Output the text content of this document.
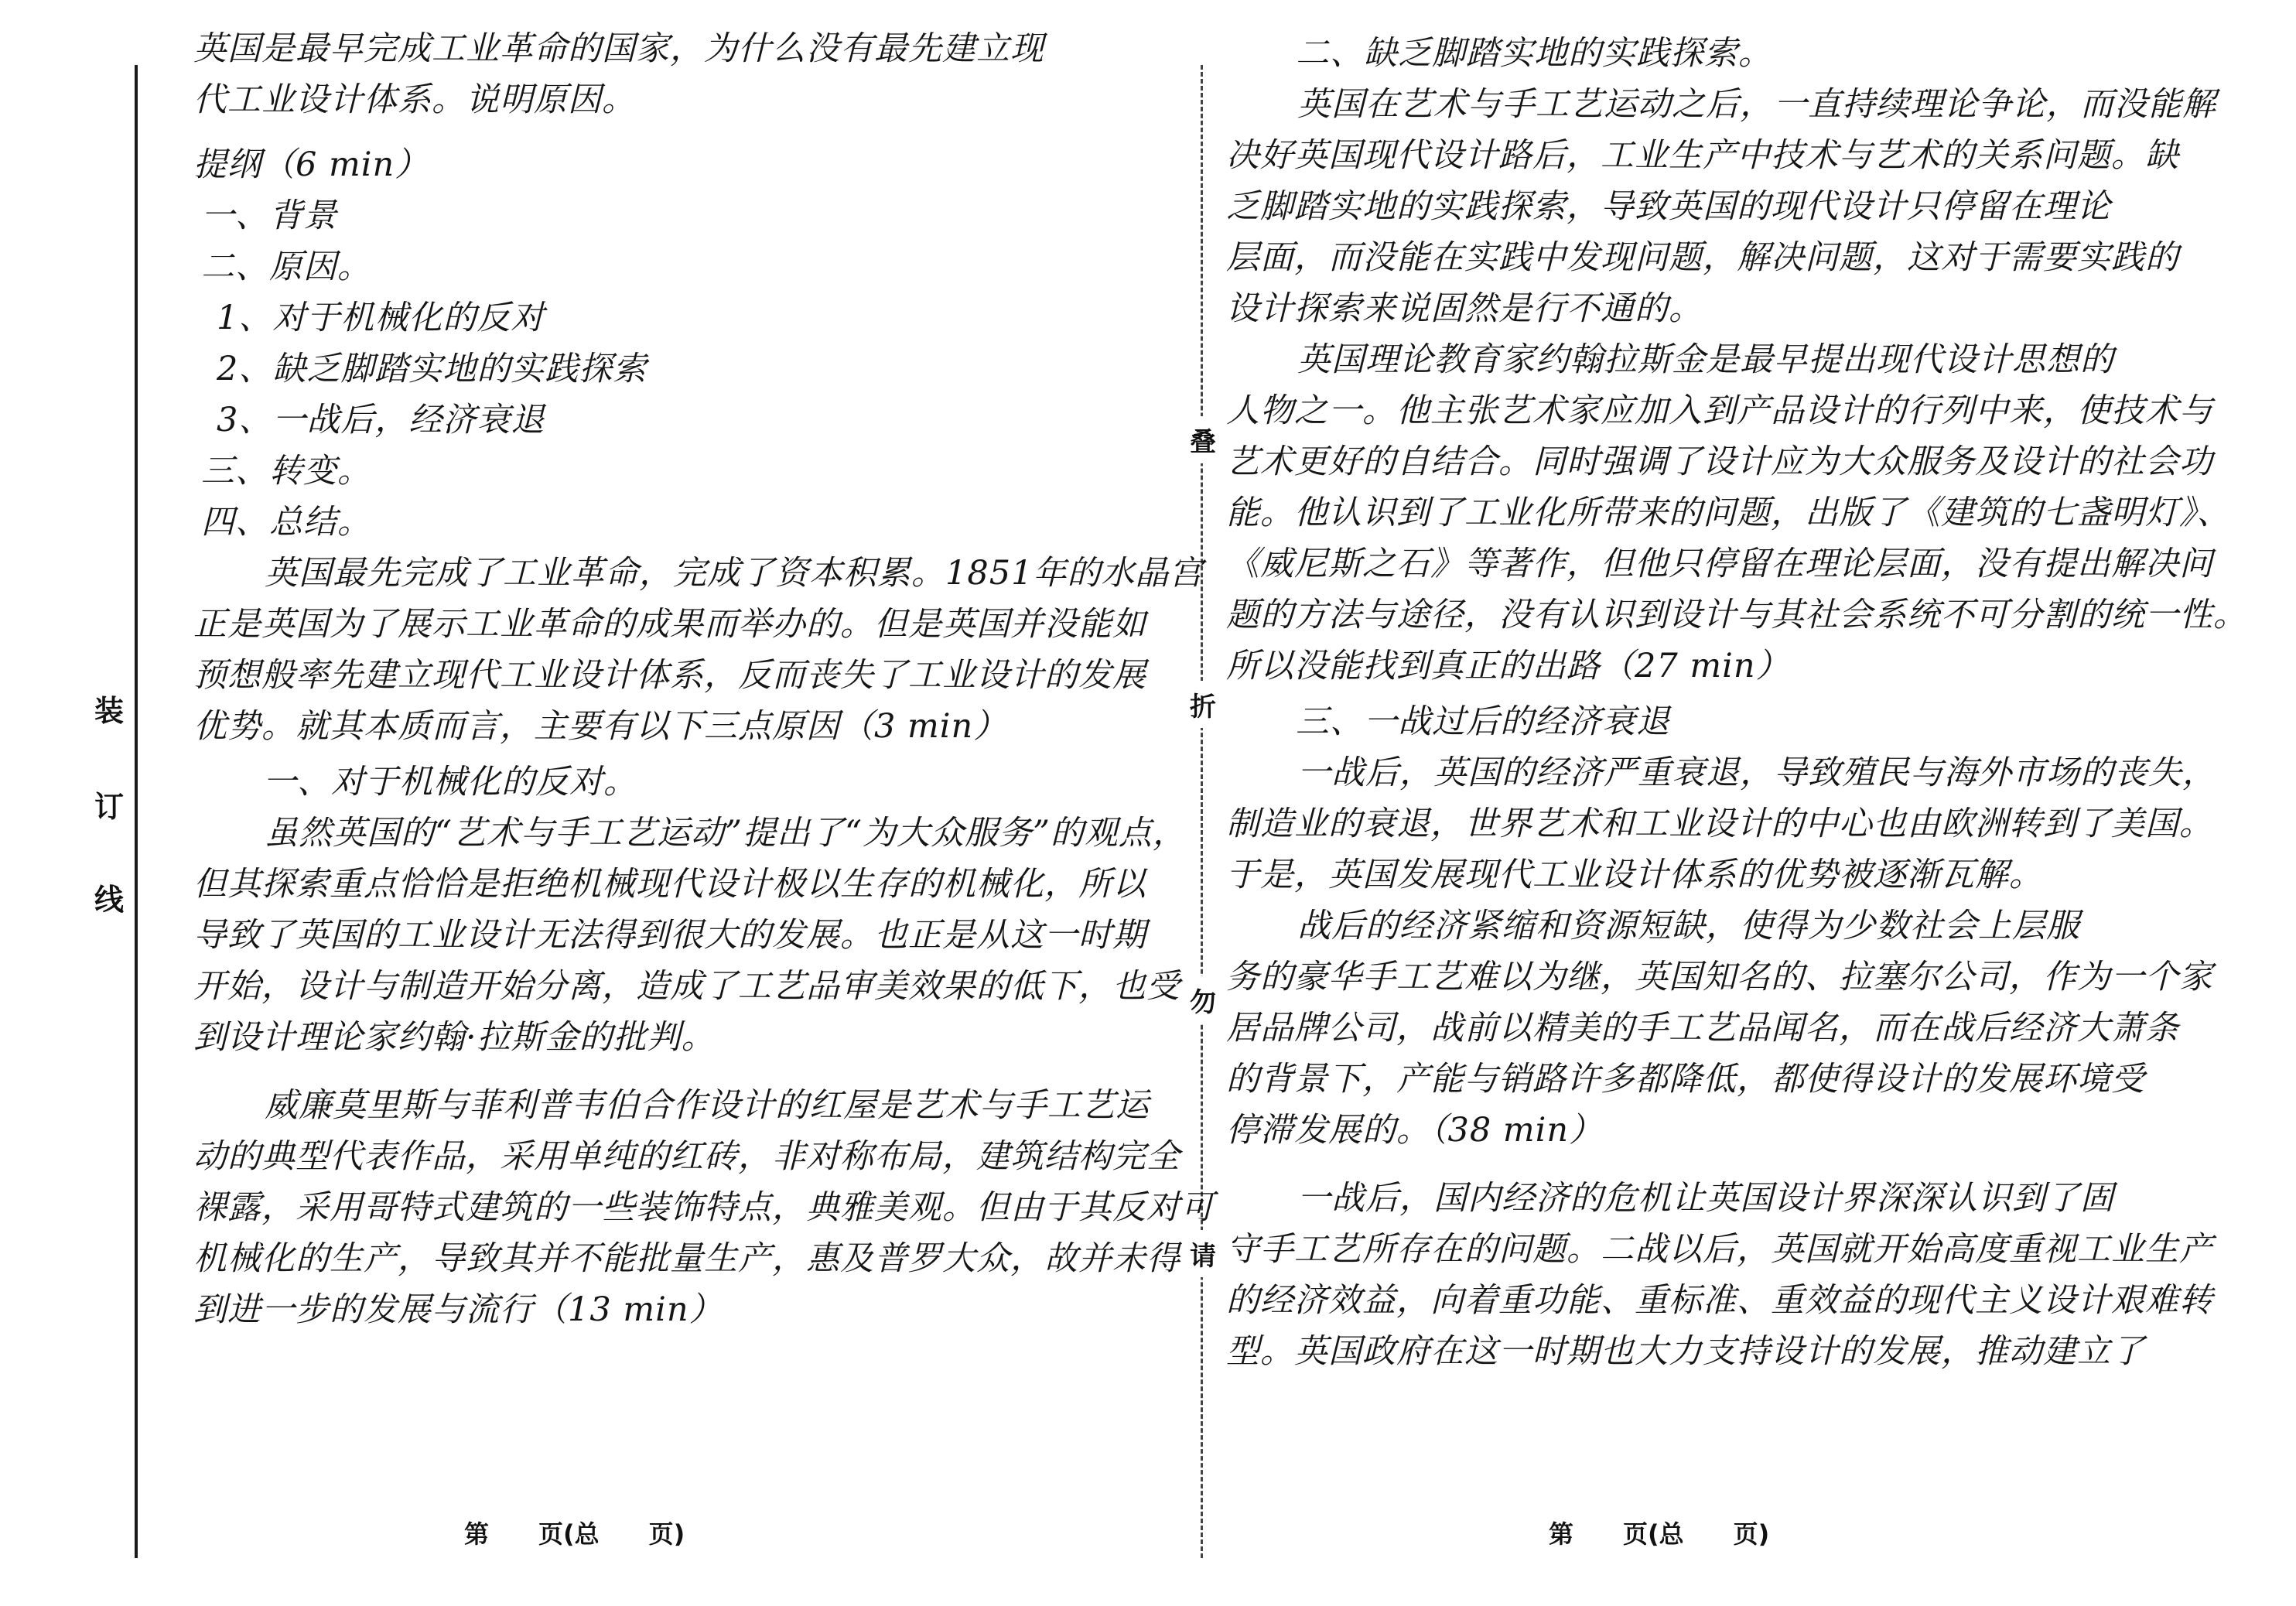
装
订
线
请
勿
折
叠

英国是最早完成工业革命的国家，为什么没有最先建立现

代工业设计体系。说明原因。

提纲（6 min）

一、背景

二、原因。

1、对于机械化的反对

2、缺乏脚踏实地的实践探索

3、一战后，经济衰退

三、转变。

四、总结。

英国最先完成了工业革命，完成了资本积累。1851年的水晶宫

正是英国为了展示工业革命的成果而举办的。但是英国并没能如

预想般率先建立现代工业设计体系，反而丧失了工业设计的发展

优势。就其本质而言，主要有以下三点原因（3 min）

一、对于机械化的反对。

虽然英国的“艺术与手工艺运动”提出了“为大众服务”的观点，

但其探索重点恰恰是拒绝机械现代设计极以生存的机械化，所以

导致了英国的工业设计无法得到很大的发展。也正是从这一时期

开始，设计与制造开始分离，造成了工艺品审美效果的低下，也受

到设计理论家约翰·拉斯金的批判。

威廉莫里斯与菲利普韦伯合作设计的红屋是艺术与手工艺运

动的典型代表作品，采用单纯的红砖，非对称布局，建筑结构完全

裸露，采用哥特式建筑的一些装饰特点，典雅美观。但由于其反对可

机械化的生产，导致其并不能批量生产，惠及普罗大众，故并未得

到进一步的发展与流行（13 min）

第　　页(总　　页)

二、缺乏脚踏实地的实践探索。

英国在艺术与手工艺运动之后，一直持续理论争论，而没能解

决好英国现代设计路后，工业生产中技术与艺术的关系问题。缺

乏脚踏实地的实践探索，导致英国的现代设计只停留在理论

层面，而没能在实践中发现问题，解决问题，这对于需要实践的

设计探索来说固然是行不通的。

英国理论教育家约翰拉斯金是最早提出现代设计思想的

人物之一。他主张艺术家应加入到产品设计的行列中来，使技术与

艺术更好的自结合。同时强调了设计应为大众服务及设计的社会功

能。他认识到了工业化所带来的问题，出版了《建筑的七盏明灯》、

《威尼斯之石》等著作，但他只停留在理论层面，没有提出解决问

题的方法与途径，没有认识到设计与其社会系统不可分割的统一性。

所以没能找到真正的出路（27 min）

三、一战过后的经济衰退

一战后，英国的经济严重衰退，导致殖民与海外市场的丧失，

制造业的衰退，世界艺术和工业设计的中心也由欧洲转到了美国。

于是，英国发展现代工业设计体系的优势被逐渐瓦解。

战后的经济紧缩和资源短缺，使得为少数社会上层服

务的豪华手工艺难以为继，英国知名的、拉塞尔公司，作为一个家

居品牌公司，战前以精美的手工艺品闻名，而在战后经济大萧条

的背景下，产能与销路许多都降低，都使得设计的发展环境受

停滞发展的。（38 min）

一战后，国内经济的危机让英国设计界深深认识到了固

守手工艺所存在的问题。二战以后，英国就开始高度重视工业生产

的经济效益，向着重功能、重标准、重效益的现代主义设计艰难转

型。英国政府在这一时期也大力支持设计的发展，推动建立了

第　　页(总　　页)
